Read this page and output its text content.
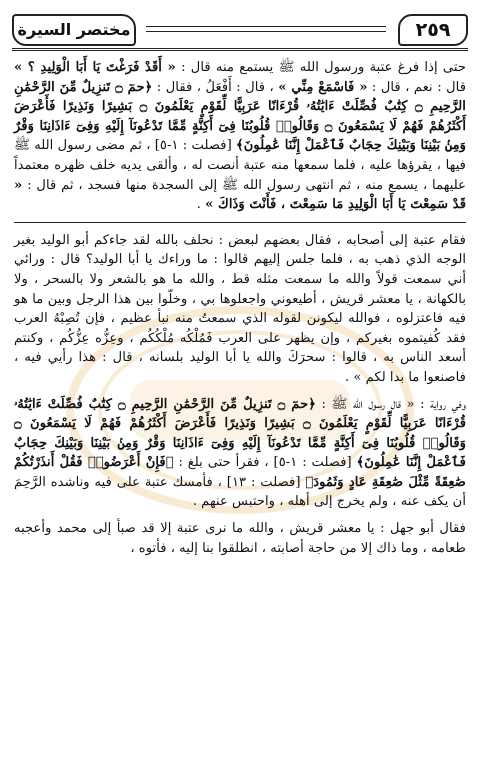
مختصر السيرة	٢٥٩

حتى إذا فرغ عتبة ورسول الله ﷺ يستمع منه قال : « أَقَدْ فَرَغْتَ يَا أَبَا الْوَلِيدِ ؟ » قال : نعم ، قال : « فَاسْمَعْ مِنِّي » ، قال : أَفْعَلُ ، فقال : ﴿حمٓ ۝ تَنزِيلٌ مِّنَ الرَّحْمَٰنِ الرَّحِيمِ ۝ كِتَٰبٌ فُصِّلَتْ ءَايَٰتُهُۥ قُرْءَانًا عَرَبِيًّا لِّقَوْمٍ يَعْلَمُونَ ۝ بَشِيرًا وَنَذِيرًا فَأَعْرَضَ أَكْثَرُهُمْ فَهُمْ لَا يَسْمَعُونَ ۝ وَقَالُوا۟ قُلُوبُنَا فِىٓ أَكِنَّةٍ مِّمَّا تَدْعُونَآ إِلَيْهِ وَفِىٓ ءَاذَانِنَا وَقْرٌ وَمِنۢ بَيْنِنَا وَبَيْنِكَ حِجَابٌ فَٱعْمَلْ إِنَّنَا عَٰمِلُونَ﴾ [فصلت : ١-٥] ، ثم مضى رسول الله ﷺ فيها ، يقرؤها عليه ، فلما سمعها منه عتبة أنصت له ، وألقى يديه خلف ظهره معتمداً عليهما ، يسمع منه ، ثم انتهى رسول الله ﷺ إلى السجدة منها فسجد ، ثم قال : « قَدْ سَمِعْتَ يَا أَبَا الْوَلِيدِ مَا سَمِعْتَ ، فَأَنْتَ وَذَاكَ » .

فقام عتبة إلى أصحابه ، فقال بعضهم لبعض : نحلف بالله لقد جاءكم أبو الوليد بغير الوجه الذي ذهب به ، فلما جلس إليهم قالوا : ما وراءك يا أبا الوليد؟ قال : ورائي أني سمعت قولاً والله ما سمعت مثله قط ، والله ما هو بالشعر ولا بالسحر ، ولا بالكهانة ، يا معشر قريش ، أطيعوني واجعلوها بي ، وخلّوا بين هذا الرجل وبين ما هو فيه فاعتزلوه ، فوالله ليكونن لقوله الذي سمعتُ منه نبأ عظيم ، فإن تُصِبْهُ العرب فقد كُفيتموه بغيركم ، وإن يظهر على العرب فَمُلْكُه مُلْكُكُم ، وعِزُّه عِزُّكُم ، وكنتم أسعد الناس به ، قالوا : سحرَكَ والله يا أبا الوليد بلسانه ، قال : هذا رأيي فيه ، فاصنعوا ما بدا لكم » .

وفي رواية : « قال رسول الله ﷺ : ﴿حمٓ ۝ تَنزِيلٌ مِّنَ الرَّحْمَٰنِ الرَّحِيمِ ۝ كِتَٰبٌ فُصِّلَتْ ءَايَٰتُهُۥ قُرْءَانًا عَرَبِيًّا لِّقَوْمٍ يَعْلَمُونَ ۝ بَشِيرًا وَنَذِيرًا فَأَعْرَضَ أَكْثَرُهُمْ فَهُمْ لَا يَسْمَعُونَ ۝ وَقَالُوا۟ قُلُوبُنَا فِىٓ أَكِنَّةٍ مِّمَّا تَدْعُونَآ إِلَيْهِ وَفِىٓ ءَاذَانِنَا وَقْرٌ وَمِنۢ بَيْنِنَا وَبَيْنِكَ حِجَابٌ فَٱعْمَلْ إِنَّنَا عَٰمِلُونَ﴾ [فصلت : ١-٥] ، فقرأ حتى بلغ : ﴿فَإِنْ أَعْرَضُوا۟ فَقُلْ أَنذَرْتُكُمْ صَٰعِقَةً مِّثْلَ صَٰعِقَةِ عَادٍ وَثَمُودَ﴾ [فصلت : ١٣] ، فأمسك عتبة على فيه وناشده الرَّحِمَ أن يكف عنه ، ولم يخرج إلى أهله ، واحتبس عنهم .

فقال أبو جهل : يا معشر قريش ، والله ما نرى عتبة إلا قد صبأ إلى محمد وأعجبه طعامه ، وما ذاك إلا من حاجة أصابته ، انطلقوا بنا إليه ، فأتوه ،
